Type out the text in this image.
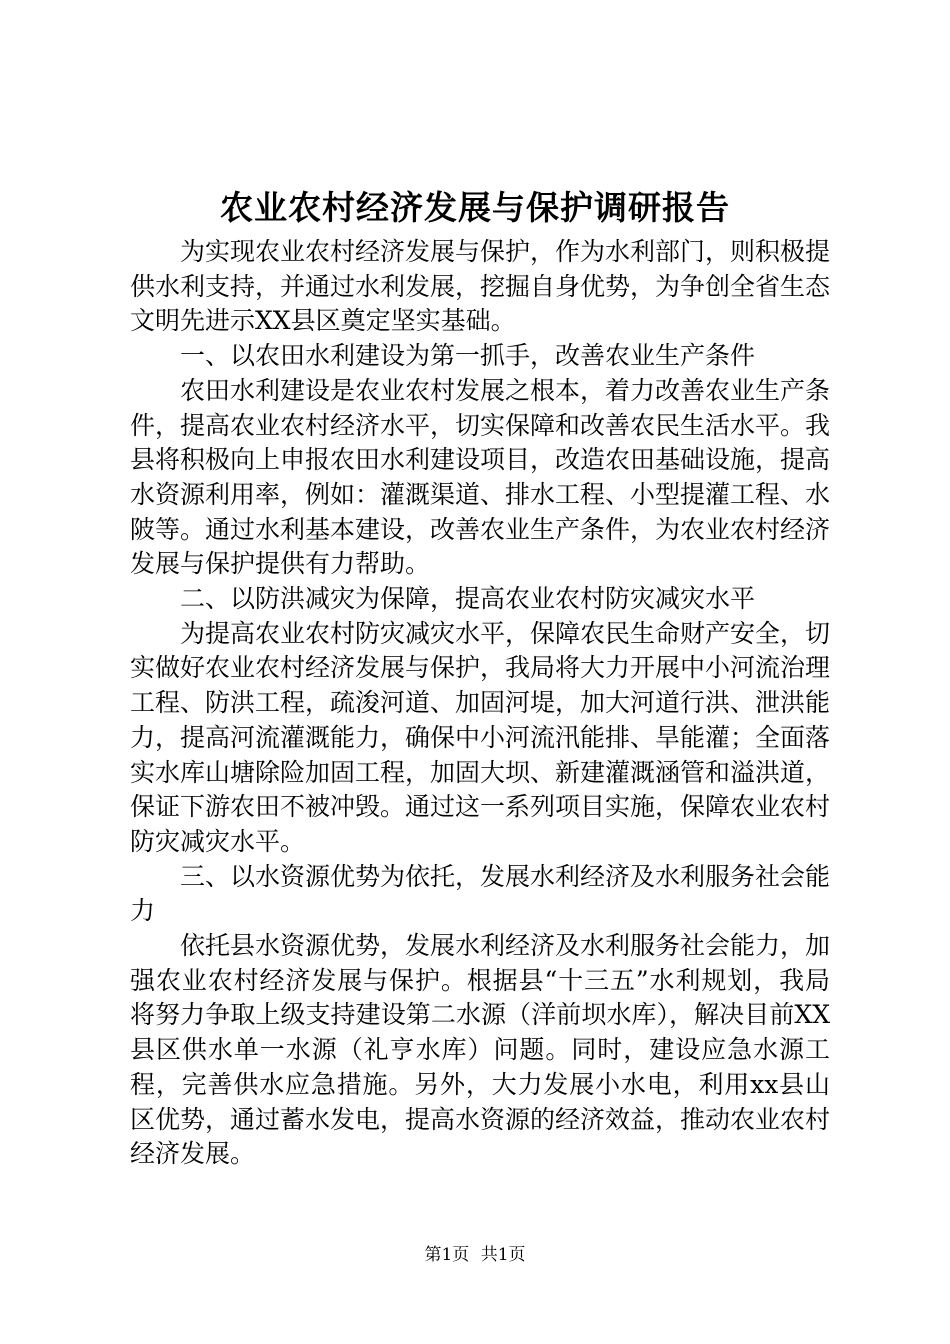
农业农村经济发展与保护调研报告

为实现农业农村经济发展与保护，作为水利部门，则积极提供水利支持，并通过水利发展，挖掘自身优势，为争创全省生态文明先进示XX县区奠定坚实基础。

一、以农田水利建设为第一抓手，改善农业生产条件

农田水利建设是农业农村发展之根本，着力改善农业生产条件，提高农业农村经济水平，切实保障和改善农民生活水平。我县将积极向上申报农田水利建设项目，改造农田基础设施，提高水资源利用率，例如：灌溉渠道、排水工程、小型提灌工程、水陂等。通过水利基本建设，改善农业生产条件，为农业农村经济发展与保护提供有力帮助。

二、以防洪减灾为保障，提高农业农村防灾减灾水平

为提高农业农村防灾减灾水平，保障农民生命财产安全，切实做好农业农村经济发展与保护，我局将大力开展中小河流治理工程、防洪工程，疏浚河道、加固河堤，加大河道行洪、泄洪能力，提高河流灌溉能力，确保中小河流汛能排、旱能灌；全面落实水库山塘除险加固工程，加固大坝、新建灌溉涵管和溢洪道，保证下游农田不被冲毁。通过这一系列项目实施，保障农业农村防灾减灾水平。

三、以水资源优势为依托，发展水利经济及水利服务社会能力

依托县水资源优势，发展水利经济及水利服务社会能力，加强农业农村经济发展与保护。根据县“十三五”水利规划，我局将努力争取上级支持建设第二水源（洋前坝水库），解决目前XX县区供水单一水源（礼亨水库）问题。同时，建设应急水源工程，完善供水应急措施。另外，大力发展小水电，利用xx县山区优势，通过蓄水发电，提高水资源的经济效益，推动农业农村经济发展。

第1页 共1页
